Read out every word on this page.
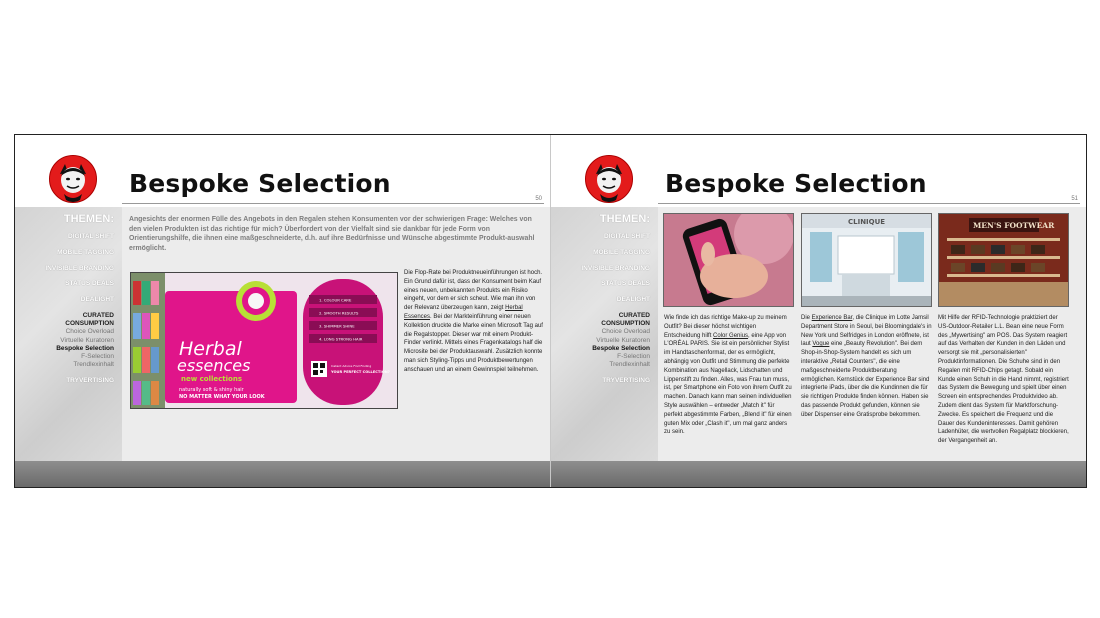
Bespoke Selection
50
THEMEN:
DIGITAL SHIFT
MOBILE TAGGING
INVISIBLE BRANDING
STATUS DEALS
DEALIGHT
CURATED
CONSUMPTION
Choice Overload
Virtuelle Kuratoren
Bespoke Selection
F-Selection
Trendlexinhalt
TRYVERTISING
Angesichts der enormen Fülle des Angebots in den Regalen stehen Konsumenten vor der schwierigen Frage: Welches von den vielen Produkten ist das richtige für mich? Überfordert von der Vielfalt sind sie dankbar für jede Form von Orientierungshilfe, die ihnen eine maßgeschneiderte, d.h. auf ihre Bedürfnisse und Wünsche abgestimmte Produkt-auswahl ermöglicht.
Herbal
essences
new collections
naturally soft & shiny hair
NO MATTER WHAT YOUR LOOK
1. COLOUR CARE
2. SMOOTH RESULTS
3. SHIMMER SHINE
4. LONG STRONG HAIR
Instant Advice Find Finding
YOUR PERFECT COLLECTION?
Die Flop-Rate bei Produktneueinführungen ist hoch. Ein Grund dafür ist, dass der Konsument beim Kauf eines neuen, unbekannten Produkts ein Risiko eingeht, vor dem er sich scheut. Wie man ihn von der Relevanz überzeugen kann, zeigt Herbal Essences. Bei der Markteinführung einer neuen Kollektion druckte die Marke einen Microsoft Tag auf die Regalstopper. Dieser war mit einem Produkt-Finder verlinkt. Mittels eines Fragenkatalogs half die Microsite bei der Produktauswahl. Zusätzlich konnte man sich Styling-Tipps und Produktbewertungen anschauen und an einem Gewinnspiel teilnehmen.
Bespoke Selection
51
THEMEN:
DIGITAL SHIFT
MOBILE TAGGING
INVISIBLE BRANDING
STATUS DEALS
DEALIGHT
CURATED
CONSUMPTION
Choice Overload
Virtuelle Kuratoren
Bespoke Selection
F-Selection
Trendlexinhalt
TRYVERTISING
CLINIQUE	MEN'S FOOTWEAR
Wie finde ich das richtige Make-up zu meinem Outfit? Bei dieser höchst wichtigen Entscheidung hilft Color Genius, eine App von L'ORÉAL PARIS. Sie ist ein persönlicher Stylist im Handtaschenformat, der es ermöglicht, abhängig von Outfit und Stimmung die perfekte Kombination aus Nagellack, Lidschatten und Lippenstift zu finden. Alles, was Frau tun muss, ist, per Smartphone ein Foto von ihrem Outfit zu machen. Danach kann man seinen individuellen Style auswählen – entweder „Match it" für perfekt abgestimmte Farben, „Blend it" für einen guten Mix oder „Clash it", um mal ganz anders zu sein.
Die Experience Bar, die Clinique im Lotte Jamsil Department Store in Seoul, bei Bloomingdale's in New York und Selfridges in London eröffnete, ist laut Vogue eine „Beauty Revolution". Bei dem Shop-in-Shop-System handelt es sich um interaktive „Retail Counters", die eine maßgeschneiderte Produktberatung ermöglichen. Kernstück der Experience Bar sind integrierte iPads, über die die Kundinnen die für sie richtigen Produkte finden können. Haben sie das passende Produkt gefunden, können sie über Dispenser eine Gratisprobe bekommen.
Mit Hilfe der RFID-Technologie praktiziert der US-Outdoor-Retailer L.L. Bean eine neue Form des „Mywertising" am POS. Das System reagiert auf das Verhalten der Kunden in den Läden und versorgt sie mit „personalisierten" Produktinformationen. Die Schuhe sind in den Regalen mit RFID-Chips getagt. Sobald ein Kunde einen Schuh in die Hand nimmt, registriert das System die Bewegung und spielt über einen Screen ein entsprechendes Produktvideo ab. Zudem dient das System für Marktforschung-Zwecke. Es speichert die Frequenz und die Dauer des Kundeninteresses. Damit gehören Ladenhüter, die wertvollen Regalplatz blockieren, der Vergangenheit an.
